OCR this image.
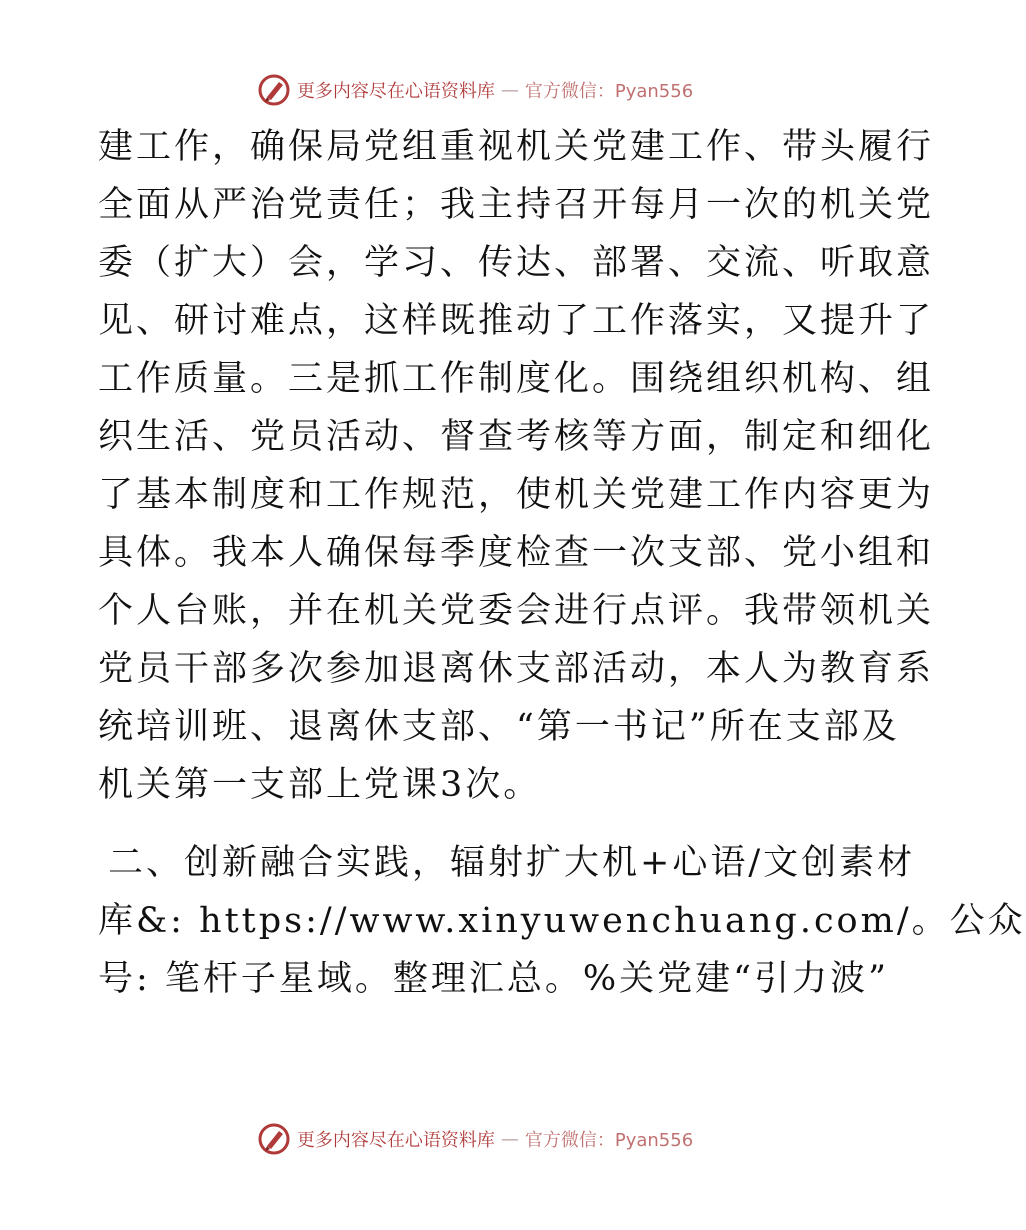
更多内容尽在心语资料库 — 官方微信：Pyan556
建工作，确保局党组重视机关党建工作、带头履行
全面从严治党责任；我主持召开每月一次的机关党
委（扩大）会，学习、传达、部署、交流、听取意
见、研讨难点，这样既推动了工作落实，又提升了
工作质量。三是抓工作制度化。围绕组织机构、组
织生活、党员活动、督查考核等方面，制定和细化
了基本制度和工作规范，使机关党建工作内容更为
具体。我本人确保每季度检查一次支部、党小组和
个人台账，并在机关党委会进行点评。我带领机关
党员干部多次参加退离休支部活动，本人为教育系
统培训班、退离休支部、“第一书记”所在支部及
机关第一支部上党课3次。
二、创新融合实践，辐射扩大机+心语/文创素材
库&: https://www.xinyuwenchuang.com/。公众
号: 笔杆子星域。整理汇总。%关党建“引力波”
更多内容尽在心语资料库 — 官方微信：Pyan556
